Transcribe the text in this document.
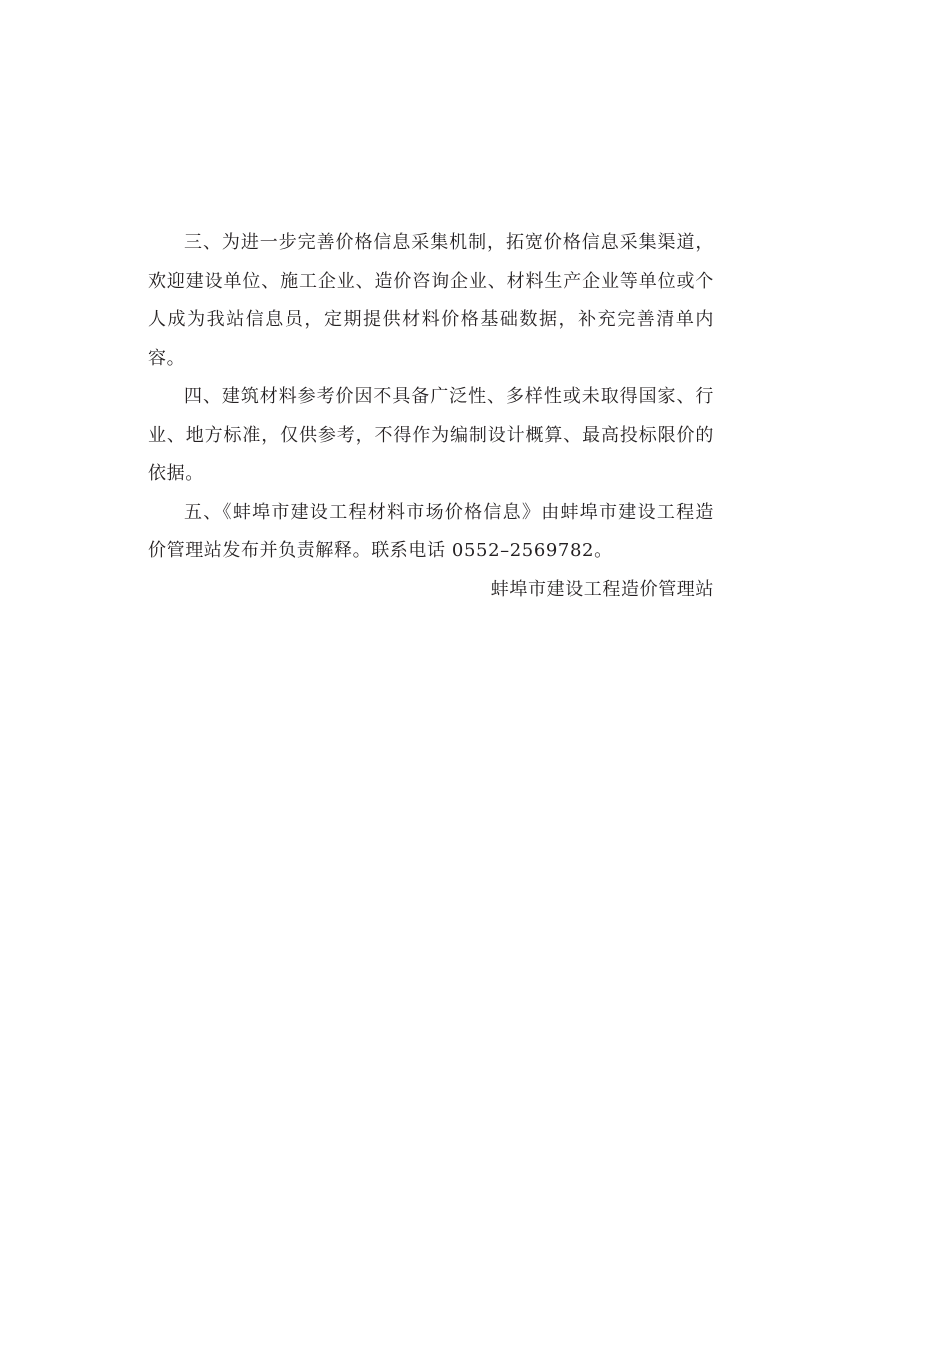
三、为进一步完善价格信息采集机制，拓宽价格信息采集渠道，欢迎建设单位、施工企业、造价咨询企业、材料生产企业等单位或个人成为我站信息员，定期提供材料价格基础数据，补充完善清单内容。

四、建筑材料参考价因不具备广泛性、多样性或未取得国家、行业、地方标准，仅供参考，不得作为编制设计概算、最高投标限价的依据。

五、《蚌埠市建设工程材料市场价格信息》由蚌埠市建设工程造价管理站发布并负责解释。联系电话 0552–2569782。

蚌埠市建设工程造价管理站
